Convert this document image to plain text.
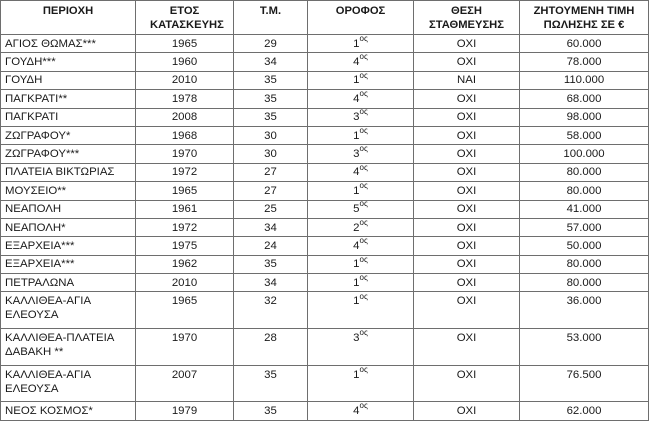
ΠΕΡΙΟΧΗ	ΕΤΟΣ ΚΑΤΑΣΚΕΥΗΣ	Τ.Μ.	ΟΡΟΦΟΣ	ΘΕΣΗ ΣΤΑΘΜΕΥΣΗΣ	ΖΗΤΟΥΜΕΝΗ ΤΙΜΗ ΠΩΛΗΣΗΣ ΣΕ €
ΑΓΙΟΣ ΘΩΜΑΣ***	1965	29	$1^{o\varsigma}$	ΟΧΙ	60.000
ΓΟΥΔΗ***	1960	34	$4^{o\varsigma}$	ΟΧΙ	78.000
ΓΟΥΔΗ	2010	35	$1^{o\varsigma}$	ΝΑΙ	110.000
ΠΑΓΚΡΑΤΙ**	1978	35	$4^{o\varsigma}$	ΟΧΙ	68.000
ΠΑΓΚΡΑΤΙ	2008	35	$3^{o\varsigma}$	ΟΧΙ	98.000
ΖΩΓΡΑΦΟΥ*	1968	30	$1^{o\varsigma}$	ΟΧΙ	58.000
ΖΩΓΡΑΦΟΥ***	1970	30	$3^{o\varsigma}$	ΟΧΙ	100.000
ΠΛΑΤΕΙΑ ΒΙΚΤΩΡΙΑΣ	1972	27	$4^{o\varsigma}$	ΟΧΙ	80.000
ΜΟΥΣΕΙΟ**	1965	27	$1^{o\varsigma}$	ΟΧΙ	80.000
ΝΕΑΠΟΛΗ	1961	25	$5^{o\varsigma}$	ΟΧΙ	41.000
ΝΕΑΠΟΛΗ*	1972	34	$2^{o\varsigma}$	ΟΧΙ	57.000
ΕΞΑΡΧΕΙΑ***	1975	24	$4^{o\varsigma}$	ΟΧΙ	50.000
ΕΞΑΡΧΕΙΑ***	1962	35	$1^{o\varsigma}$	ΟΧΙ	80.000
ΠΕΤΡΑΛΩΝΑ	2010	34	$1^{o\varsigma}$	ΟΧΙ	80.000
ΚΑΛΛΙΘΕΑ-ΑΓΙΑ ΕΛΕΟΥΣΑ	1965	32	$1^{o\varsigma}$	ΟΧΙ	36.000
ΚΑΛΛΙΘΕΑ-ΠΛΑΤΕΙΑ ΔΑΒΑΚΗ **	1970	28	$3^{o\varsigma}$	ΟΧΙ	53.000
ΚΑΛΛΙΘΕΑ-ΑΓΙΑ ΕΛΕΟΥΣΑ	2007	35	$1^{o\varsigma}$	ΟΧΙ	76.500
ΝΕΟΣ ΚΟΣΜΟΣ*	1979	35	$4^{o\varsigma}$	ΟΧΙ	62.000
